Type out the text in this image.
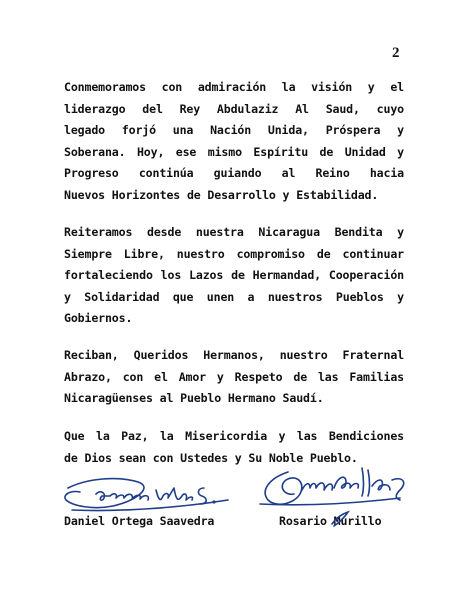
2
Conmemoramos con admiración la visión y el
liderazgo del Rey Abdulaziz Al Saud, cuyo
legado forjó una Nación Unida, Próspera y
Soberana. Hoy, ese mismo Espíritu de Unidad y
Progreso continúa guiando al Reino hacia
Nuevos Horizontes de Desarrollo y Estabilidad.
Reiteramos desde nuestra Nicaragua Bendita y
Siempre Libre, nuestro compromiso de continuar
fortaleciendo los Lazos de Hermandad, Cooperación
y Solidaridad que unen a nuestros Pueblos y
Gobiernos.
Reciban, Queridos Hermanos, nuestro Fraternal
Abrazo, con el Amor y Respeto de las Familias
Nicaragüenses al Pueblo Hermano Saudí.
Que la Paz, la Misericordia y las Bendiciones
de Dios sean con Ustedes y Su Noble Pueblo.
Daniel Ortega Saavedra	Rosario Murillo
